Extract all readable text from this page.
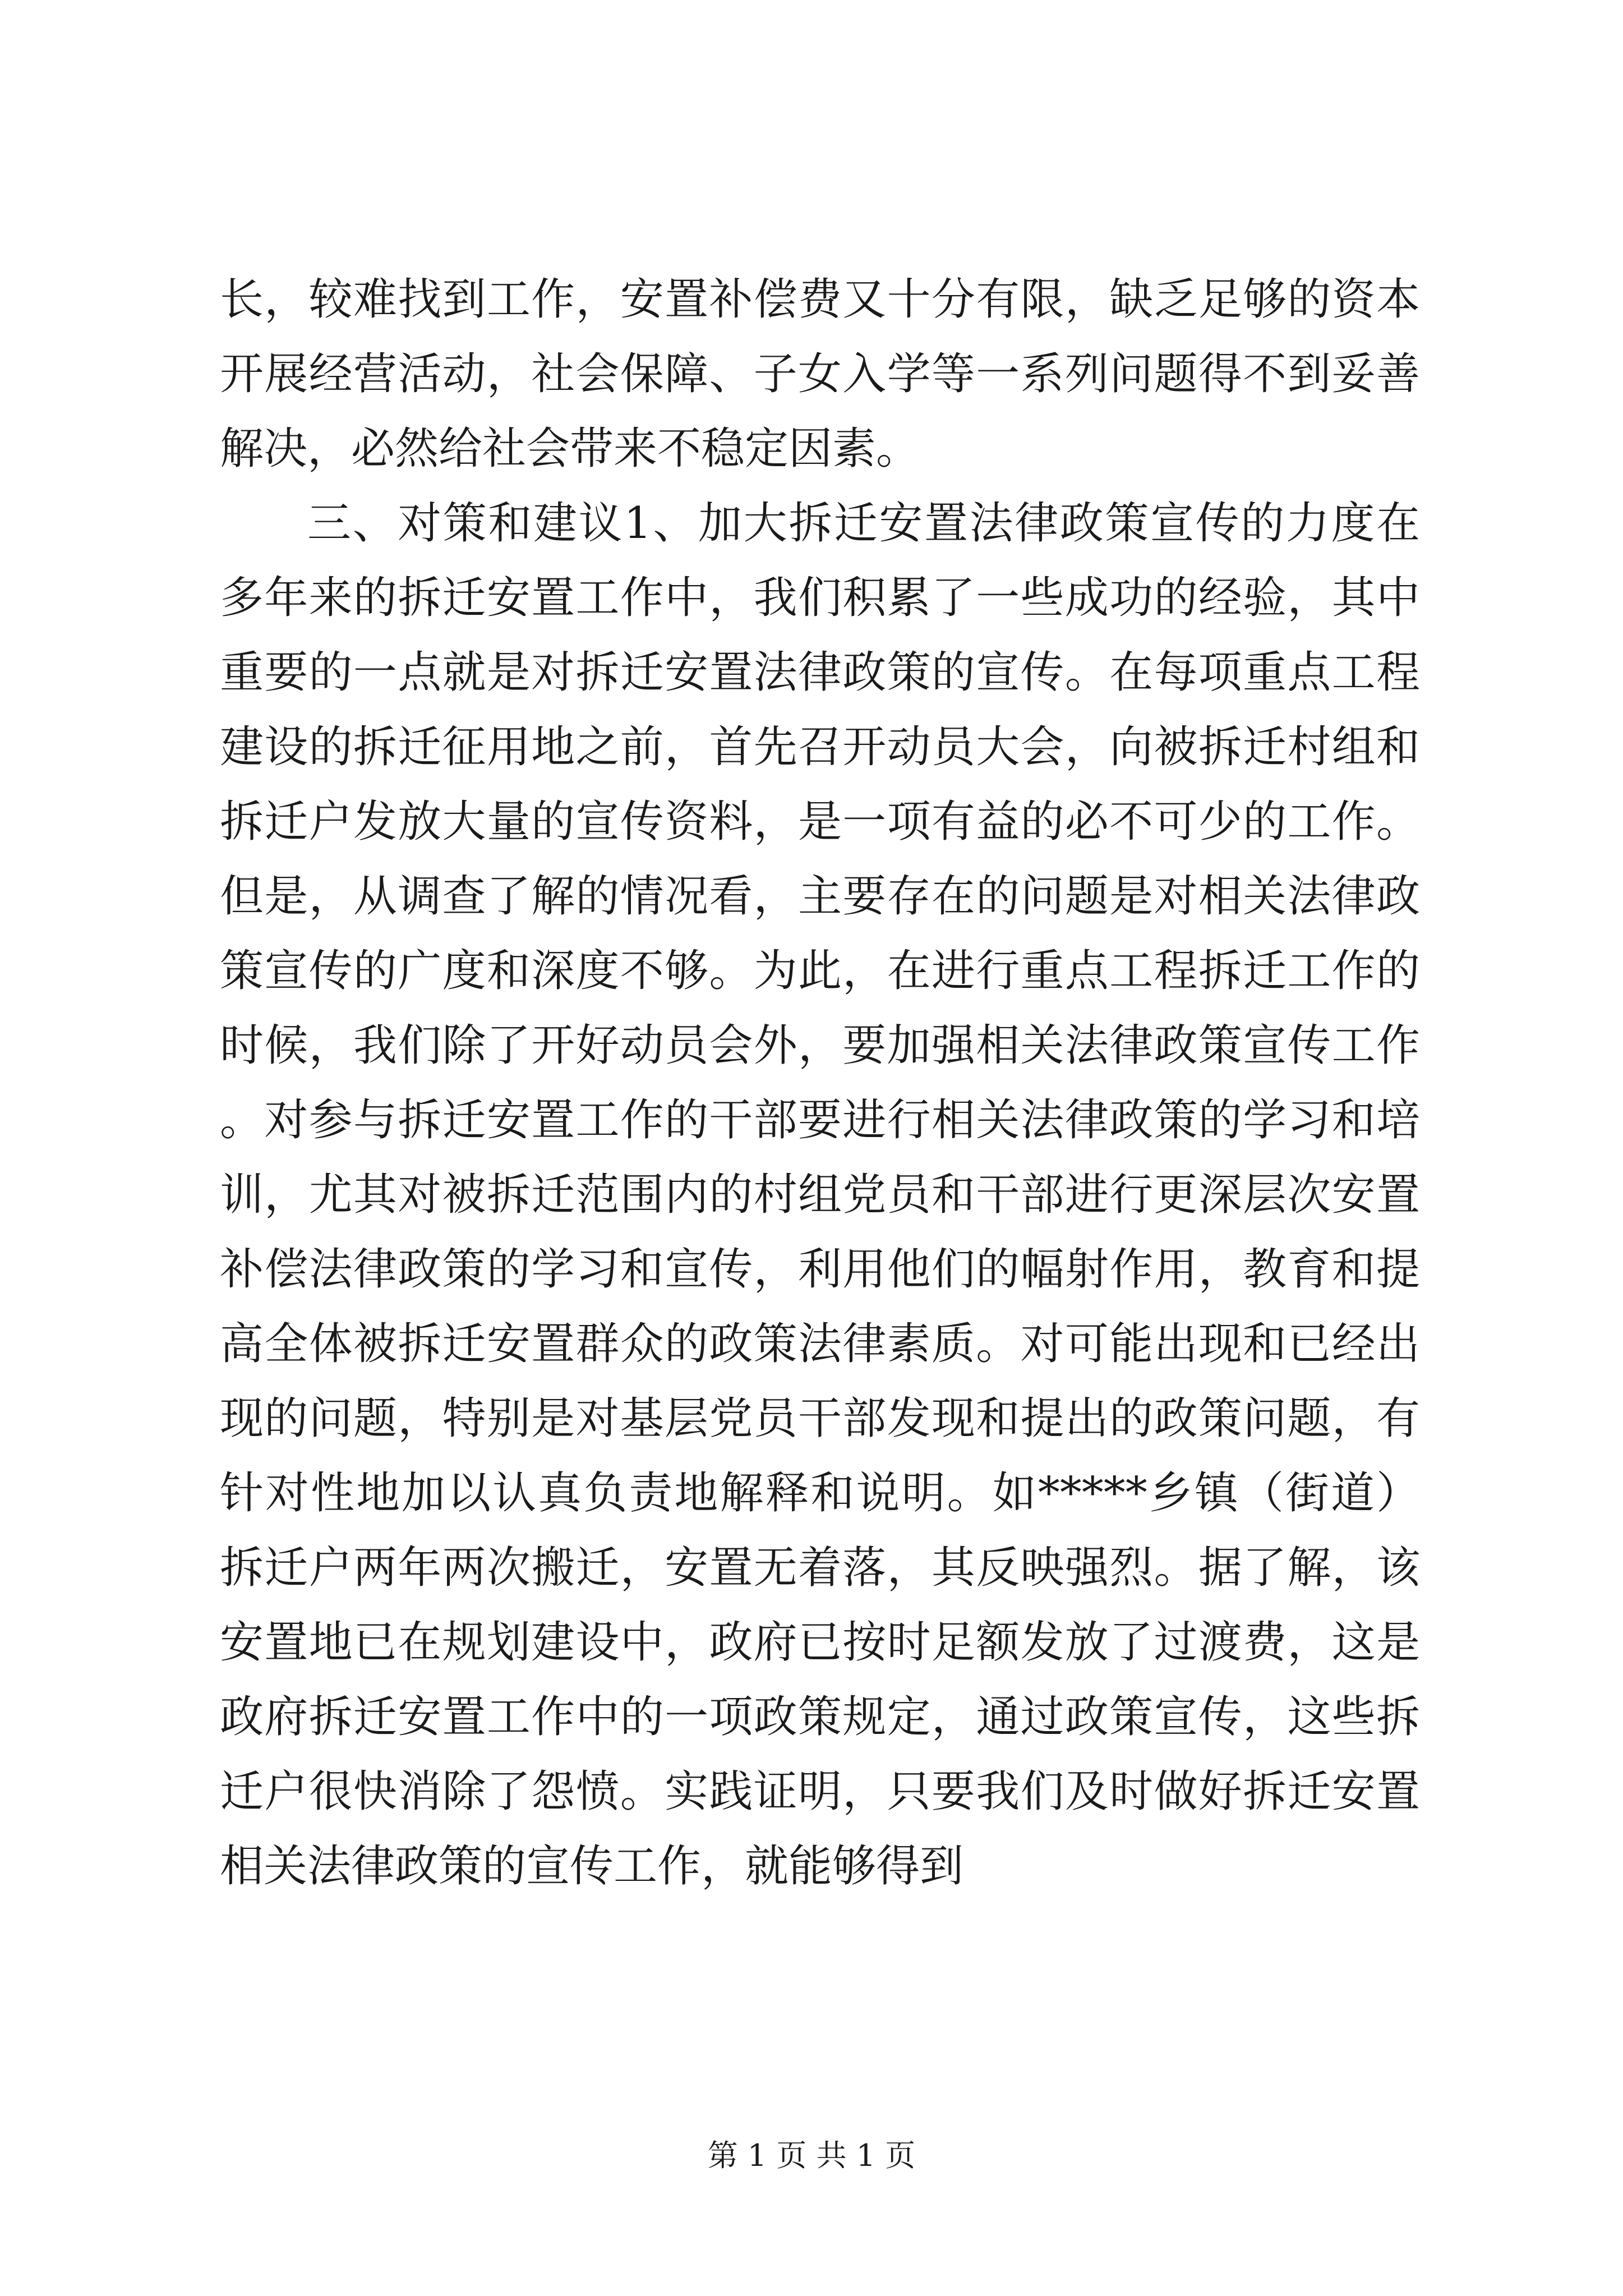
长，较难找到工作，安置补偿费又十分有限，缺乏足够的资本开展经营活动，社会保障、子女入学等一系列问题得不到妥善解决，必然给社会带来不稳定因素。

三、对策和建议1、加大拆迁安置法律政策宣传的力度在多年来的拆迁安置工作中，我们积累了一些成功的经验，其中重要的一点就是对拆迁安置法律政策的宣传。在每项重点工程建设的拆迁征用地之前，首先召开动员大会，向被拆迁村组和拆迁户发放大量的宣传资料，是一项有益的必不可少的工作。但是，从调查了解的情况看，主要存在的问题是对相关法律政策宣传的广度和深度不够。为此，在进行重点工程拆迁工作的时候，我们除了开好动员会外，要加强相关法律政策宣传工作。对参与拆迁安置工作的干部要进行相关法律政策的学习和培训，尤其对被拆迁范围内的村组党员和干部进行更深层次安置补偿法律政策的学习和宣传，利用他们的幅射作用，教育和提高全体被拆迁安置群众的政策法律素质。对可能出现和已经出现的问题，特别是对基层党员干部发现和提出的政策问题，有针对性地加以认真负责地解释和说明。如*****乡镇（街道）拆迁户两年两次搬迁，安置无着落，其反映强烈。据了解，该安置地已在规划建设中，政府已按时足额发放了过渡费，这是政府拆迁安置工作中的一项政策规定，通过政策宣传，这些拆迁户很快消除了怨愤。实践证明，只要我们及时做好拆迁安置相关法律政策的宣传工作，就能够得到

第 1 页 共 1 页
